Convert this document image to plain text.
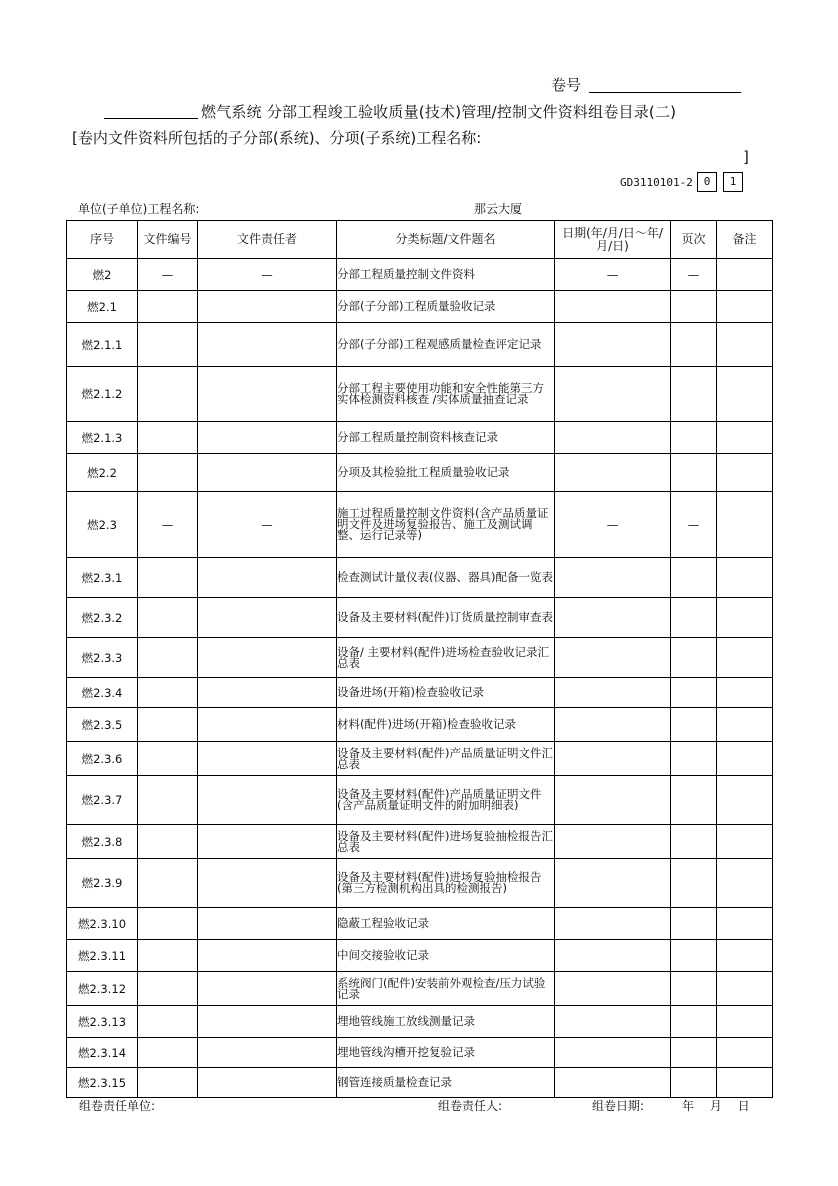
卷号
燃气系统 分部工程竣工验收质量(技术)管理/控制文件资料组卷目录(二)
[卷内文件资料所包括的子分部(系统)、分项(子系统)工程名称:
]
GD3110101-2 0	1
单位(子单位)工程名称:	那云大厦
序号	文件编号	文件责任者	分类标题/文件题名	日期(年/月/日～年/月/日)	页次	备注
燃2	—	—	分部工程质量控制文件资料	—	—	
燃2.1			分部(子分部)工程质量验收记录			
燃2.1.1			分部(子分部)工程观感质量检查评定记录			
燃2.1.2			分部工程主要使用功能和安全性能第三方实体检测资料核查 /实体质量抽查记录			
燃2.1.3			分部工程质量控制资料核查记录			
燃2.2			分项及其检验批工程质量验收记录			
燃2.3	—	—	施工过程质量控制文件资料(含产品质量证明文件及进场复验报告、施工及测试调整、运行记录等)	—	—	
燃2.3.1			检查测试计量仪表(仪器、器具)配备一览表			
燃2.3.2			设备及主要材料(配件)订货质量控制审查表			
燃2.3.3			设备/ 主要材料(配件)进场检查验收记录汇总表			
燃2.3.4			设备进场(开箱)检查验收记录			
燃2.3.5			材料(配件)进场(开箱)检查验收记录			
燃2.3.6			设备及主要材料(配件)产品质量证明文件汇总表			
燃2.3.7			设备及主要材料(配件)产品质量证明文件(含产品质量证明文件的附加明细表)			
燃2.3.8			设备及主要材料(配件)进场复验抽检报告汇总表			
燃2.3.9			设备及主要材料(配件)进场复验抽检报告(第三方检测机构出具的检测报告)			
燃2.3.10			隐蔽工程验收记录			
燃2.3.11			中间交接验收记录			
燃2.3.12			系统阀门(配件)安装前外观检查/压力试验记录			
燃2.3.13			埋地管线施工放线测量记录			
燃2.3.14			埋地管线沟槽开挖复验记录			
燃2.3.15			钢管连接质量检查记录			
组卷责任单位:	组卷责任人:	组卷日期:	年 月 日
